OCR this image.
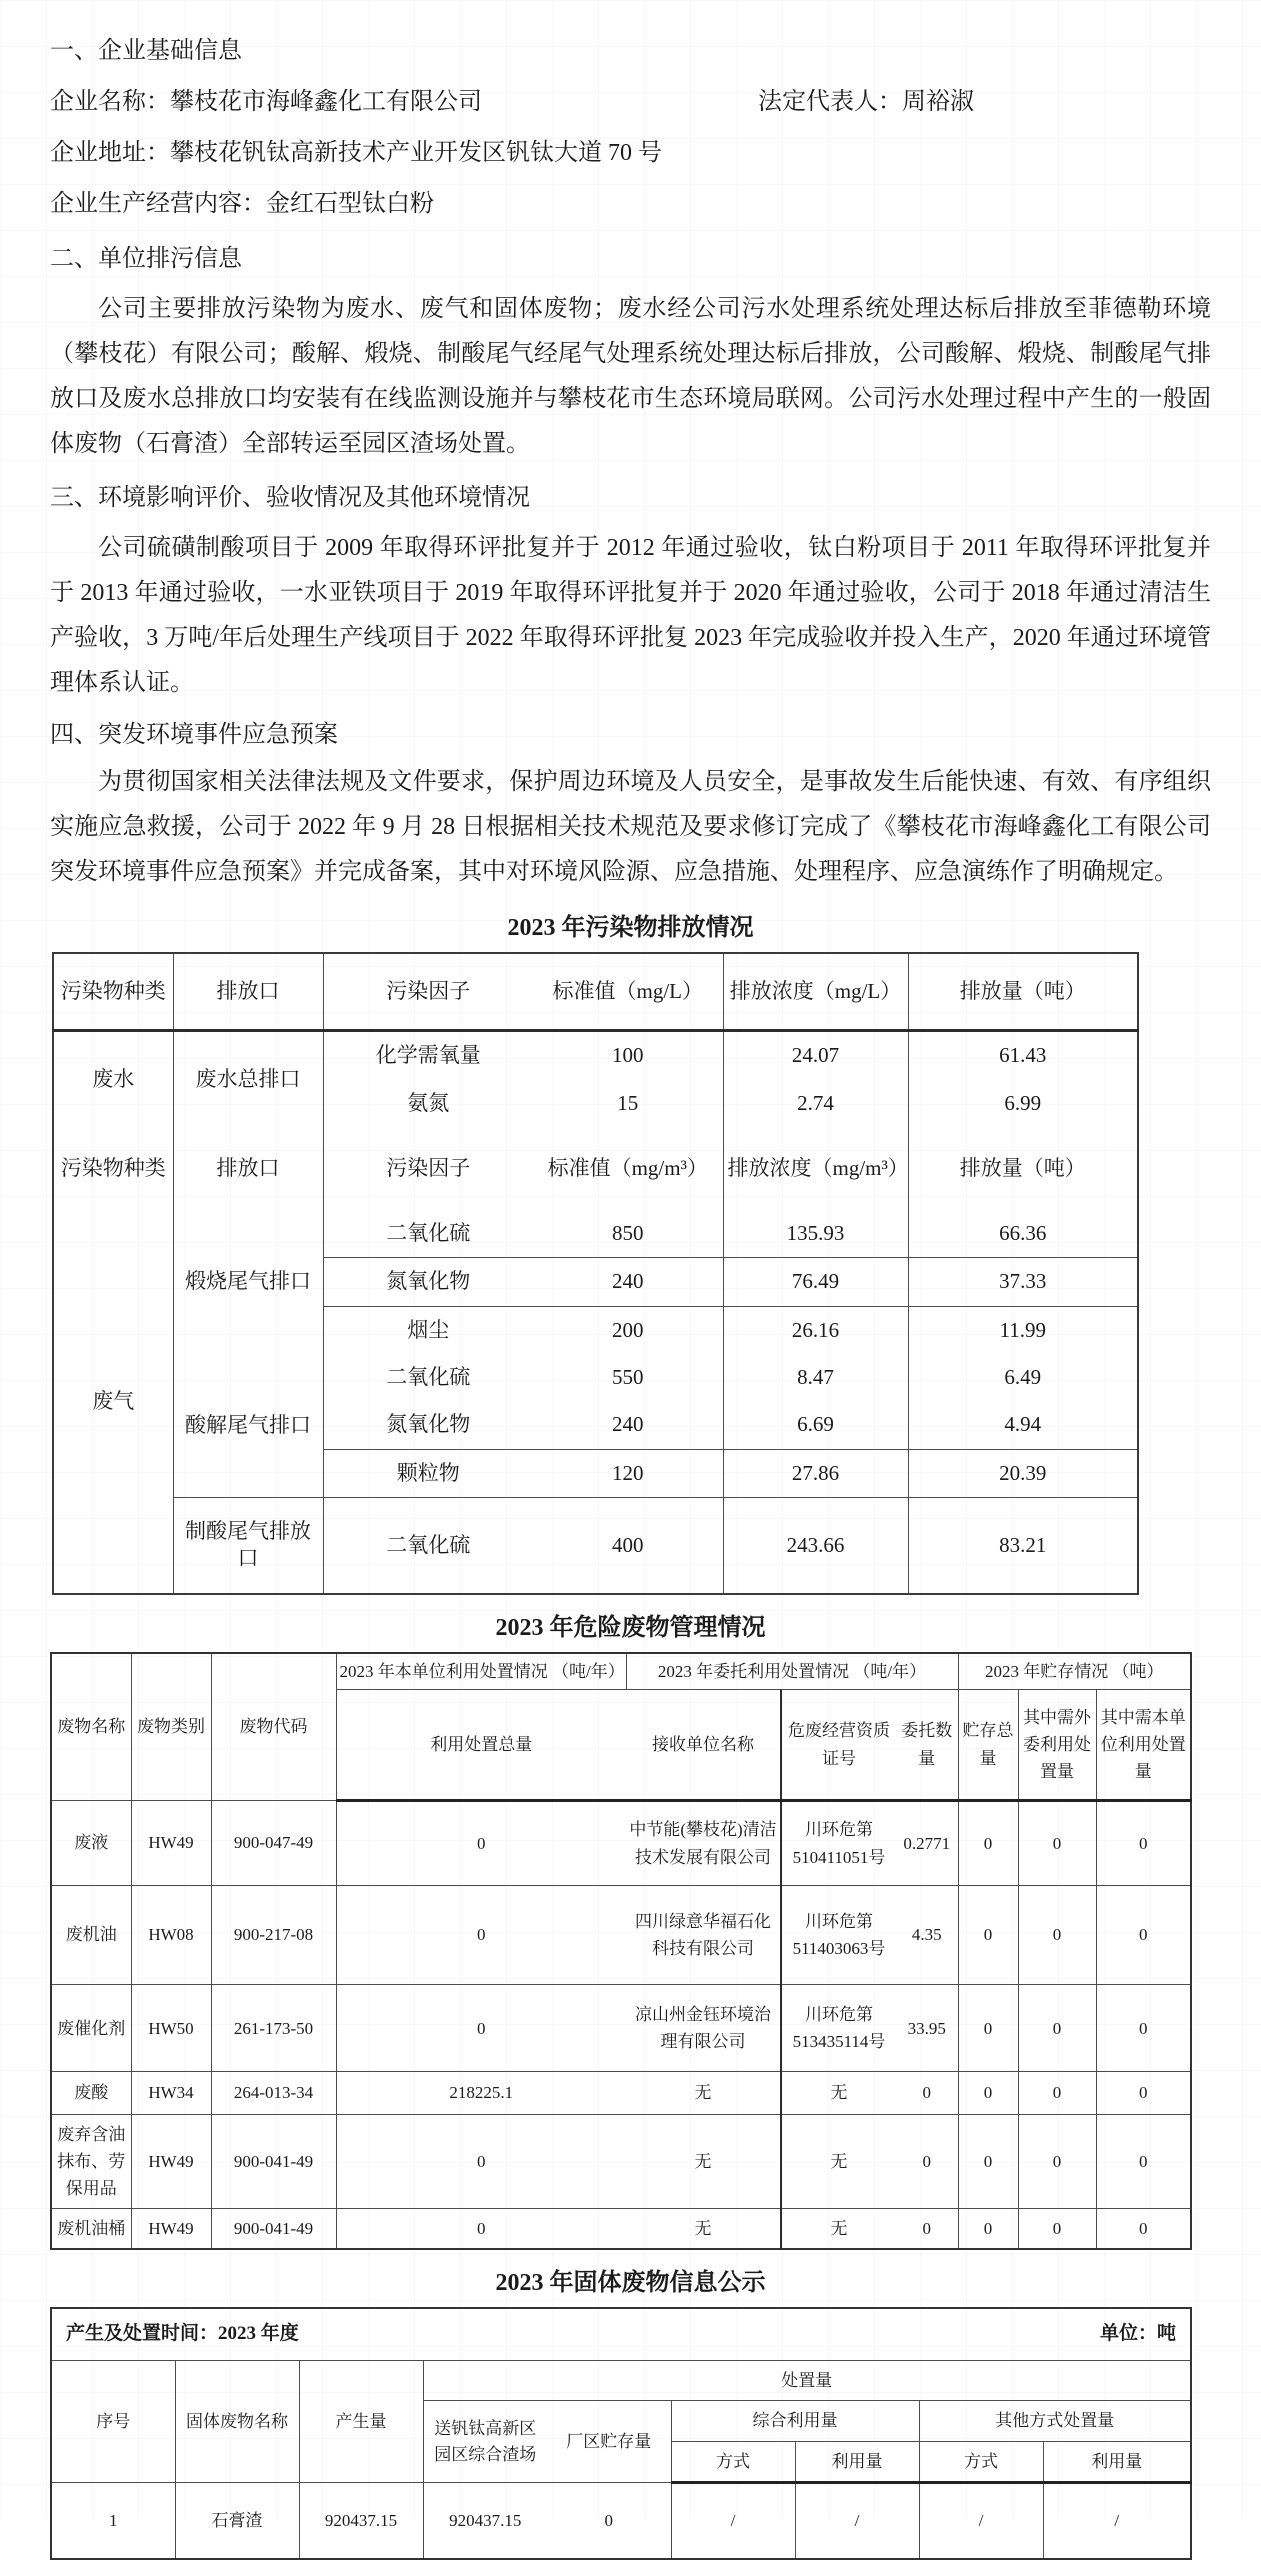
一、企业基础信息
企业名称：攀枝花市海峰鑫化工有限公司	法定代表人：周裕淑
企业地址：攀枝花钒钛高新技术产业开发区钒钛大道 70 号
企业生产经营内容：金红石型钛白粉
二、单位排污信息

公司主要排放污染物为废水、废气和固体废物；废水经公司污水处理系统处理达标后排放至菲德勒环境（攀枝花）有限公司；酸解、煅烧、制酸尾气经尾气处理系统处理达标后排放，公司酸解、煅烧、制酸尾气排放口及废水总排放口均安装有在线监测设施并与攀枝花市生态环境局联网。公司污水处理过程中产生的一般固体废物（石膏渣）全部转运至园区渣场处置。

三、环境影响评价、验收情况及其他环境情况

公司硫磺制酸项目于 2009 年取得环评批复并于 2012 年通过验收，钛白粉项目于 2011 年取得环评批复并于 2013 年通过验收，一水亚铁项目于 2019 年取得环评批复并于 2020 年通过验收，公司于 2018 年通过清洁生产验收，3 万吨/年后处理生产线项目于 2022 年取得环评批复 2023 年完成验收并投入生产，2020 年通过环境管理体系认证。

四、突发环境事件应急预案

为贯彻国家相关法律法规及文件要求，保护周边环境及人员安全，是事故发生后能快速、有效、有序组织实施应急救援，公司于 2022 年 9 月 28 日根据相关技术规范及要求修订完成了《攀枝花市海峰鑫化工有限公司突发环境事件应急预案》并完成备案，其中对环境风险源、应急措施、处理程序、应急演练作了明确规定。

2023 年污染物排放情况
污染物种类	排放口	污染因子	标准值（mg/L）	排放浓度（mg/L）	排放量（吨）
废水	废水总排口	化学需氧量	100	24.07	61.43
		氨氮	15	2.74	6.99
污染物种类	排放口	污染因子	标准值（mg/m³）	排放浓度（mg/m³）	排放量（吨）
废气	煅烧尾气排口	二氧化硫	850	135.93	66.36
		氮氧化物	240	76.49	37.33
		烟尘	200	26.16	11.99
	酸解尾气排口	二氧化硫	550	8.47	6.49
		氮氧化物	240	6.69	4.94
		颗粒物	120	27.86	20.39
	制酸尾气排放口	二氧化硫	400	243.66	83.21
2023 年危险废物管理情况
废物名称	废物类别	废物代码	2023 年本单位利用处置情况 （吨/年）	2023 年委托利用处置情况 （吨/年）			2023 年贮存情况 （吨）		
			利用处置总量	接收单位名称	危废经营资质证号	委托数量	贮存总量	其中需外委利用处置量	其中需本单位利用处置量
废液	HW49	900-047-49	0	中节能(攀枝花)清洁技术发展有限公司	川环危第510411051号	0.2771	0	0	0
废机油	HW08	900-217-08	0	四川绿意华福石化科技有限公司	川环危第511403063号	4.35	0	0	0
废催化剂	HW50	261-173-50	0	凉山州金钰环境治理有限公司	川环危第513435114号	33.95	0	0	0
废酸	HW34	264-013-34	218225.1	无	无	0	0	0	0
废弃含油抹布、劳保用品	HW49	900-041-49	0	无	无	0	0	0	0
废机油桶	HW49	900-041-49	0	无	无	0	0	0	0
2023 年固体废物信息公示
产生及处置时间：2023 年度 单位：吨								

序号	固体废物名称	产生量	处置量					
			送钒钛高新区园区综合渣场	厂区贮存量	综合利用量		其他方式处置量	
					方式	利用量	方式	利用量
1	石膏渣	920437.15	920437.15	0	/	/	/	/
